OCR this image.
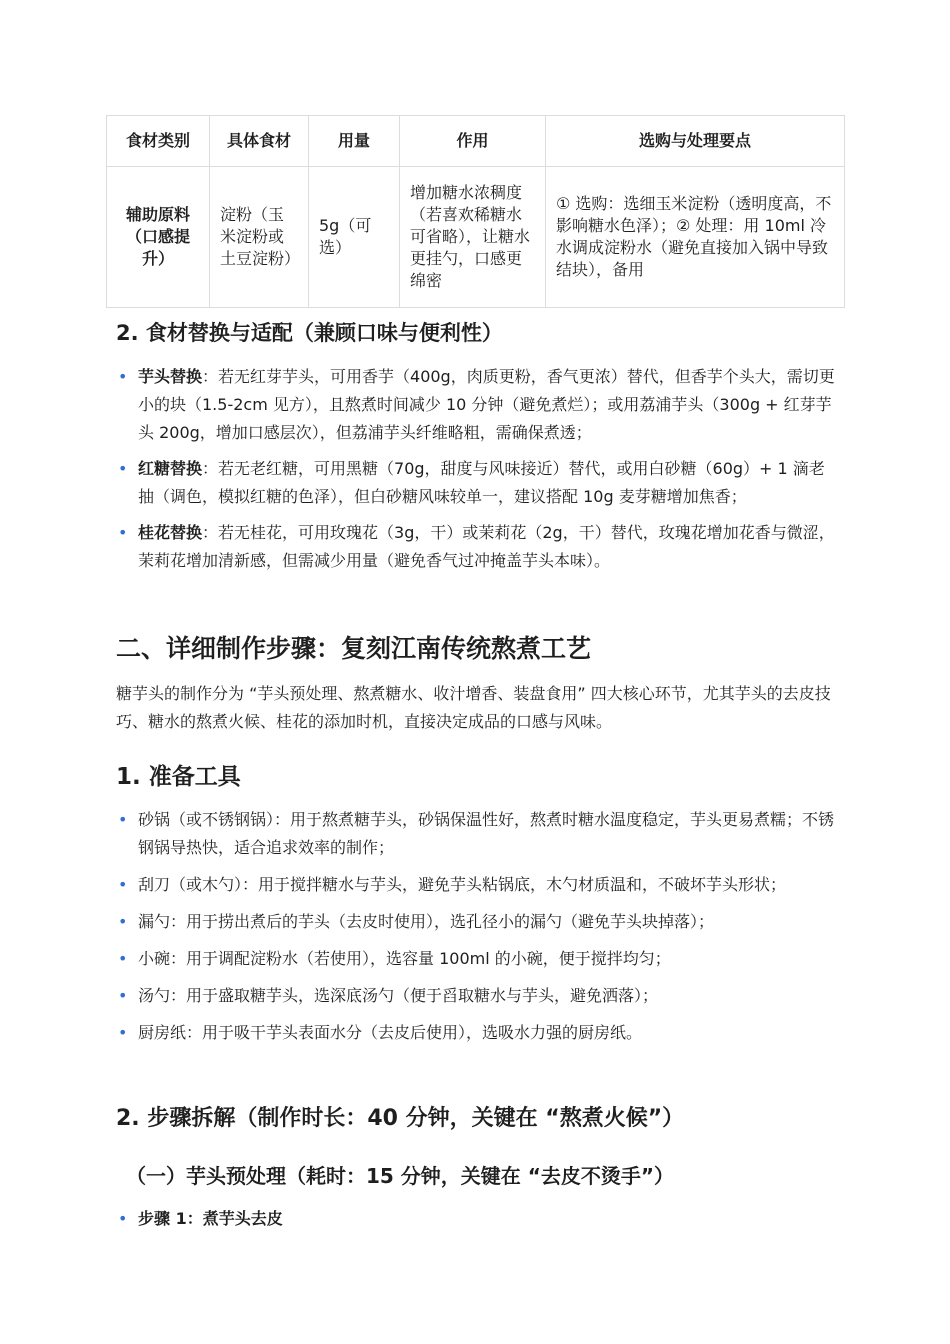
食材类别	具体食材	用量	作用	选购与处理要点
辅助原料（口感提升）	淀粉（玉米淀粉或土豆淀粉）	5g（可选）	增加糖水浓稠度（若喜欢稀糖水可省略），让糖水更挂勺，口感更绵密	① 选购：选细玉米淀粉（透明度高，不影响糖水色泽）；② 处理：用 10ml 冷水调成淀粉水（避免直接加入锅中导致结块），备用
2. 食材替换与适配（兼顾口味与便利性）
• 芋头替换：若无红芽芋头，可用香芋（400g，肉质更粉，香气更浓）替代，但香芋个头大，需切更小的块（1.5-2cm 见方），且熬煮时间减少 10 分钟（避免煮烂）；或用荔浦芋头（300g + 红芽芋头 200g，增加口感层次），但荔浦芋头纤维略粗，需确保煮透；
• 红糖替换：若无老红糖，可用黑糖（70g，甜度与风味接近）替代，或用白砂糖（60g）+ 1 滴老抽（调色，模拟红糖的色泽），但白砂糖风味较单一，建议搭配 10g 麦芽糖增加焦香；
• 桂花替换：若无桂花，可用玫瑰花（3g，干）或茉莉花（2g，干）替代，玫瑰花增加花香与微涩，茉莉花增加清新感，但需减少用量（避免香气过冲掩盖芋头本味）。
二、详细制作步骤：复刻江南传统熬煮工艺

糖芋头的制作分为 “芋头预处理、熬煮糖水、收汁增香、装盘食用” 四大核心环节，尤其芋头的去皮技巧、糖水的熬煮火候、桂花的添加时机，直接决定成品的口感与风味。

1. 准备工具
• 砂锅（或不锈钢锅）：用于熬煮糖芋头，砂锅保温性好，熬煮时糖水温度稳定，芋头更易煮糯；不锈钢锅导热快，适合追求效率的制作；
• 刮刀（或木勺）：用于搅拌糖水与芋头，避免芋头粘锅底，木勺材质温和，不破坏芋头形状；
• 漏勺：用于捞出煮后的芋头（去皮时使用），选孔径小的漏勺（避免芋头块掉落）；
• 小碗：用于调配淀粉水（若使用），选容量 100ml 的小碗，便于搅拌均匀；
• 汤勺：用于盛取糖芋头，选深底汤勺（便于舀取糖水与芋头，避免洒落）；
• 厨房纸：用于吸干芋头表面水分（去皮后使用），选吸水力强的厨房纸。
2. 步骤拆解（制作时长：40 分钟，关键在 “熬煮火候”）
（一）芋头预处理（耗时：15 分钟，关键在 “去皮不烫手”）
• 步骤 1：煮芋头去皮
